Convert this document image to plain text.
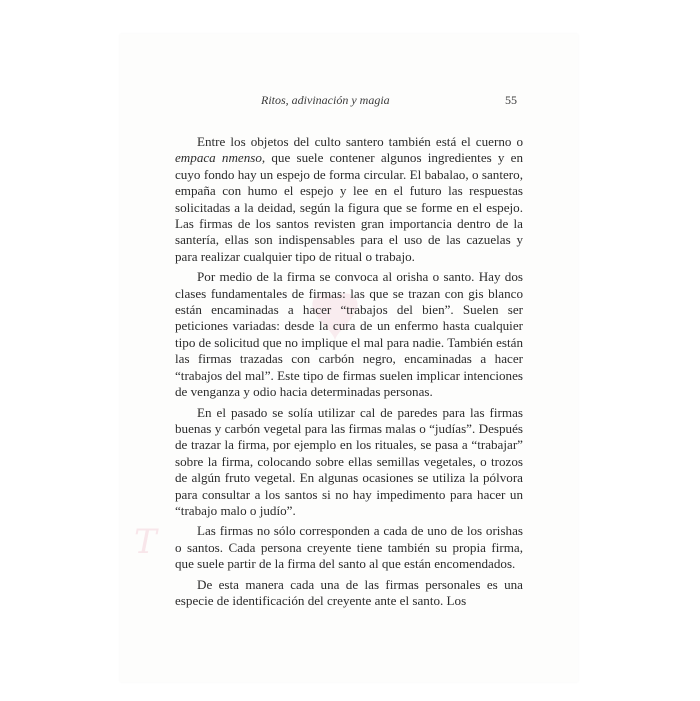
T
Ritos, adivinación y magia	55

Entre los objetos del culto santero también está el cuerno o empaca nmenso, que suele contener algunos ingredientes y en cuyo fondo hay un espejo de forma circular. El babalao, o santero, empaña con humo el espejo y lee en el futuro las respuestas solicitadas a la deidad, según la figura que se forme en el espejo. Las firmas de los santos revisten gran importancia dentro de la santería, ellas son indispensables para el uso de las cazuelas y para realizar cualquier tipo de ritual o trabajo.

Por medio de la firma se convoca al orisha o santo. Hay dos clases fundamentales de firmas: las que se trazan con gis blanco están encaminadas a hacer “trabajos del bien”. Suelen ser peticiones variadas: desde la cura de un enfermo hasta cualquier tipo de solicitud que no implique el mal para nadie. También están las firmas trazadas con carbón negro, encaminadas a hacer “trabajos del mal”. Este tipo de firmas suelen implicar intenciones de venganza y odio hacia determinadas personas.

En el pasado se solía utilizar cal de paredes para las firmas buenas y carbón vegetal para las firmas malas o “judías”. Después de trazar la firma, por ejemplo en los rituales, se pasa a “trabajar” sobre la firma, colocando sobre ellas semillas vegetales, o trozos de algún fruto vegetal. En algunas ocasiones se utiliza la pólvora para consultar a los santos si no hay impedimento para hacer un “trabajo malo o judío”.

Las firmas no sólo corresponden a cada de uno de los orishas o santos. Cada persona creyente tiene también su propia firma, que suele partir de la firma del santo al que están encomendados.

De esta manera cada una de las firmas personales es una especie de identificación del creyente ante el santo. Los
